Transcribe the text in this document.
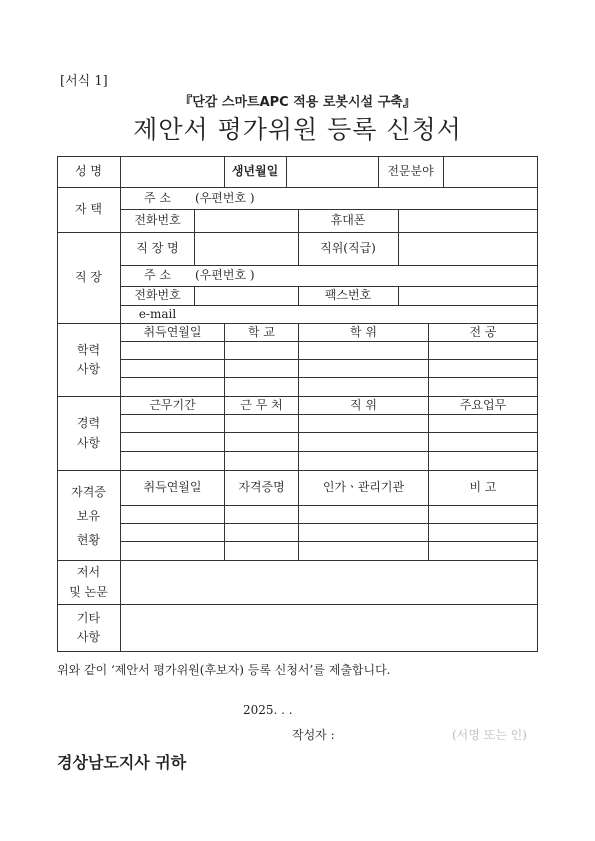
[서식 1]
『단감 스마트APC 적용 로봇시설 구축』
제안서 평가위원 등록 신청서
성 명	생년월일	전문분야
자 택
주 소	(우편번호 )
전화번호	휴대폰
직 장
직 장 명	직위(직급)
주 소	(우편번호 )
전화번호	팩스번호
e-mail
학력
사항
취득연월일	학 교	학 위	전 공
경력
사항
근무기간	근 무 처	직 위	주요업무
자격증
보유
현황
취득연월일	자격증명	인가ㆍ관리기관	비 고
저서
및 논문
기타
사항
위와 같이 ‘제안서 평가위원(후보자) 등록 신청서’를 제출합니다.
2025. . .
작성자 :	(서명 또는 인)
경상남도지사 귀하
